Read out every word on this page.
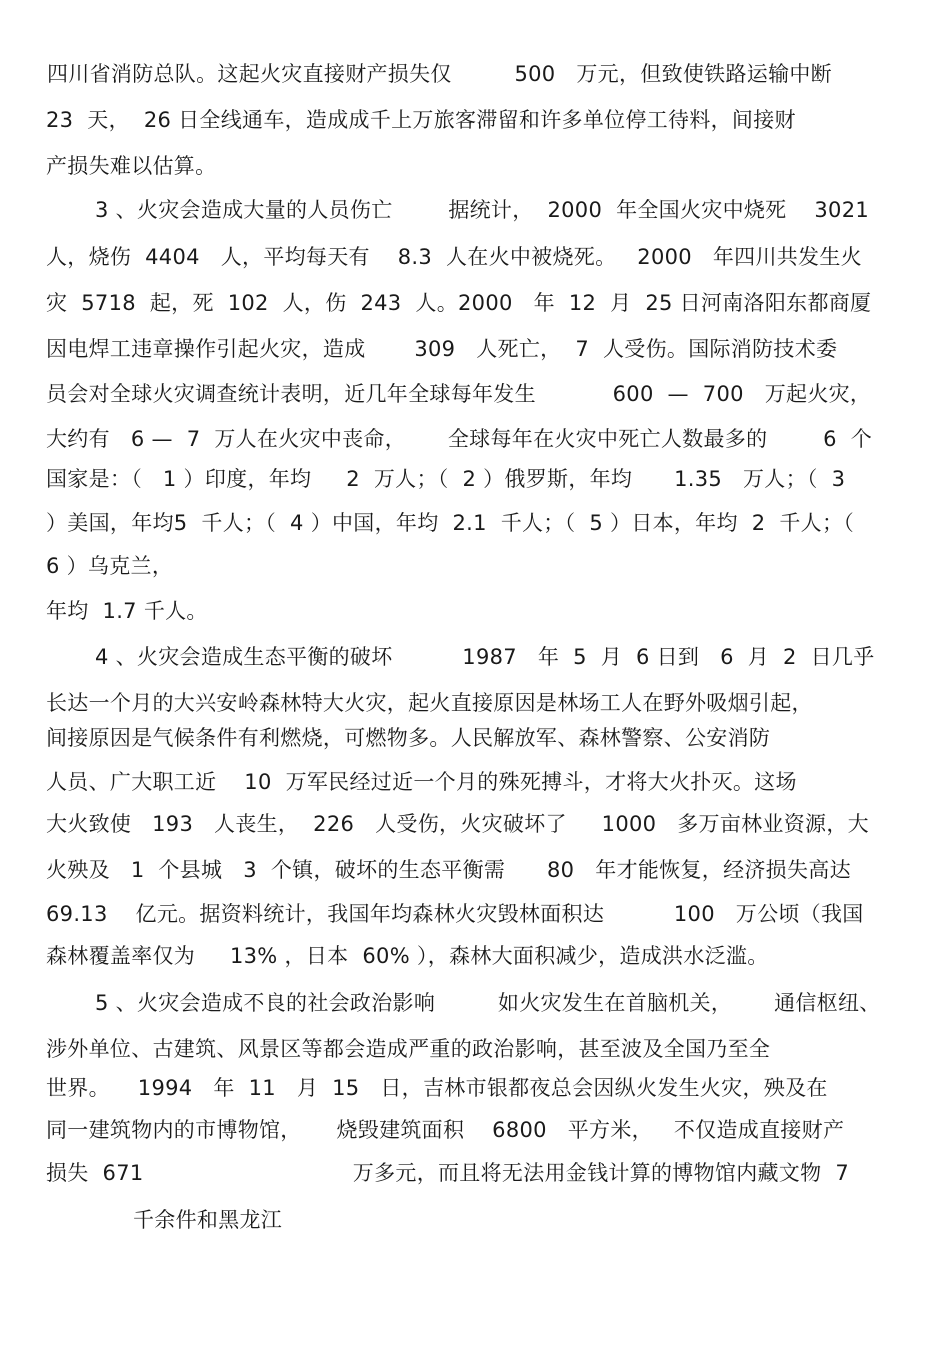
四川省消防总队。这起火灾直接财产损失仅         500   万元，但致使铁路运输中断
23  天，  26 日全线通车，造成成千上万旅客滞留和许多单位停工待料，间接财
产损失难以估算。
3 、火灾会造成大量的人员伤亡        据统计，  2000  年全国火灾中烧死    3021
人，烧伤  4404   人，平均每天有    8.3  人在火中被烧死。   2000   年四川共发生火
灾  5718  起，死  102  人，伤  243  人。2000   年  12  月  25 日河南洛阳东都商厦
因电焊工违章操作引起火灾，造成       309   人死亡，  7  人受伤。国际消防技术委
员会对全球火灾调查统计表明，近几年全球每年发生           600  —  700   万起火灾，
大约有   6 —  7  万人在火灾中丧命，      全球每年在火灾中死亡人数最多的        6  个
国家是：（   1 ）印度，年均     2  万人；（  2 ）俄罗斯，年均      1.35   万人；（  3
）美国，年均5  千人；（  4 ）中国，年均  2.1  千人；（  5 ）日本，年均  2  千人；（
6 ）乌克兰，
年均  1.7 千人。
4 、火灾会造成生态平衡的破坏          1987   年  5  月  6 日到   6  月  2  日几乎
长达一个月的大兴安岭森林特大火灾，起火直接原因是林场工人在野外吸烟引起，
间接原因是气候条件有利燃烧，可燃物多。人民解放军、森林警察、公安消防
人员、广大职工近    10  万军民经过近一个月的殊死搏斗，才将大火扑灭。这场
大火致使   193   人丧生，  226   人受伤，火灾破坏了     1000   多万亩林业资源，大
火殃及   1  个县城   3  个镇，破坏的生态平衡需      80   年才能恢复，经济损失高达
69.13    亿元。据资料统计，我国年均森林火灾毁林面积达          100   万公顷（我国
森林覆盖率仅为     13% ，日本  60% ），森林大面积减少，造成洪水泛滥。
5 、火灾会造成不良的社会政治影响         如火灾发生在首脑机关，      通信枢纽、
涉外单位、古建筑、风景区等都会造成严重的政治影响，甚至波及全国乃至全
世界。    1994   年  11   月  15   日，吉林市银都夜总会因纵火发生火灾，殃及在
同一建筑物内的市博物馆，     烧毁建筑面积    6800   平方米，   不仅造成直接财产
损失  671                              万多元，而且将无法用金钱计算的博物馆内藏文物  7
千余件和黑龙江
